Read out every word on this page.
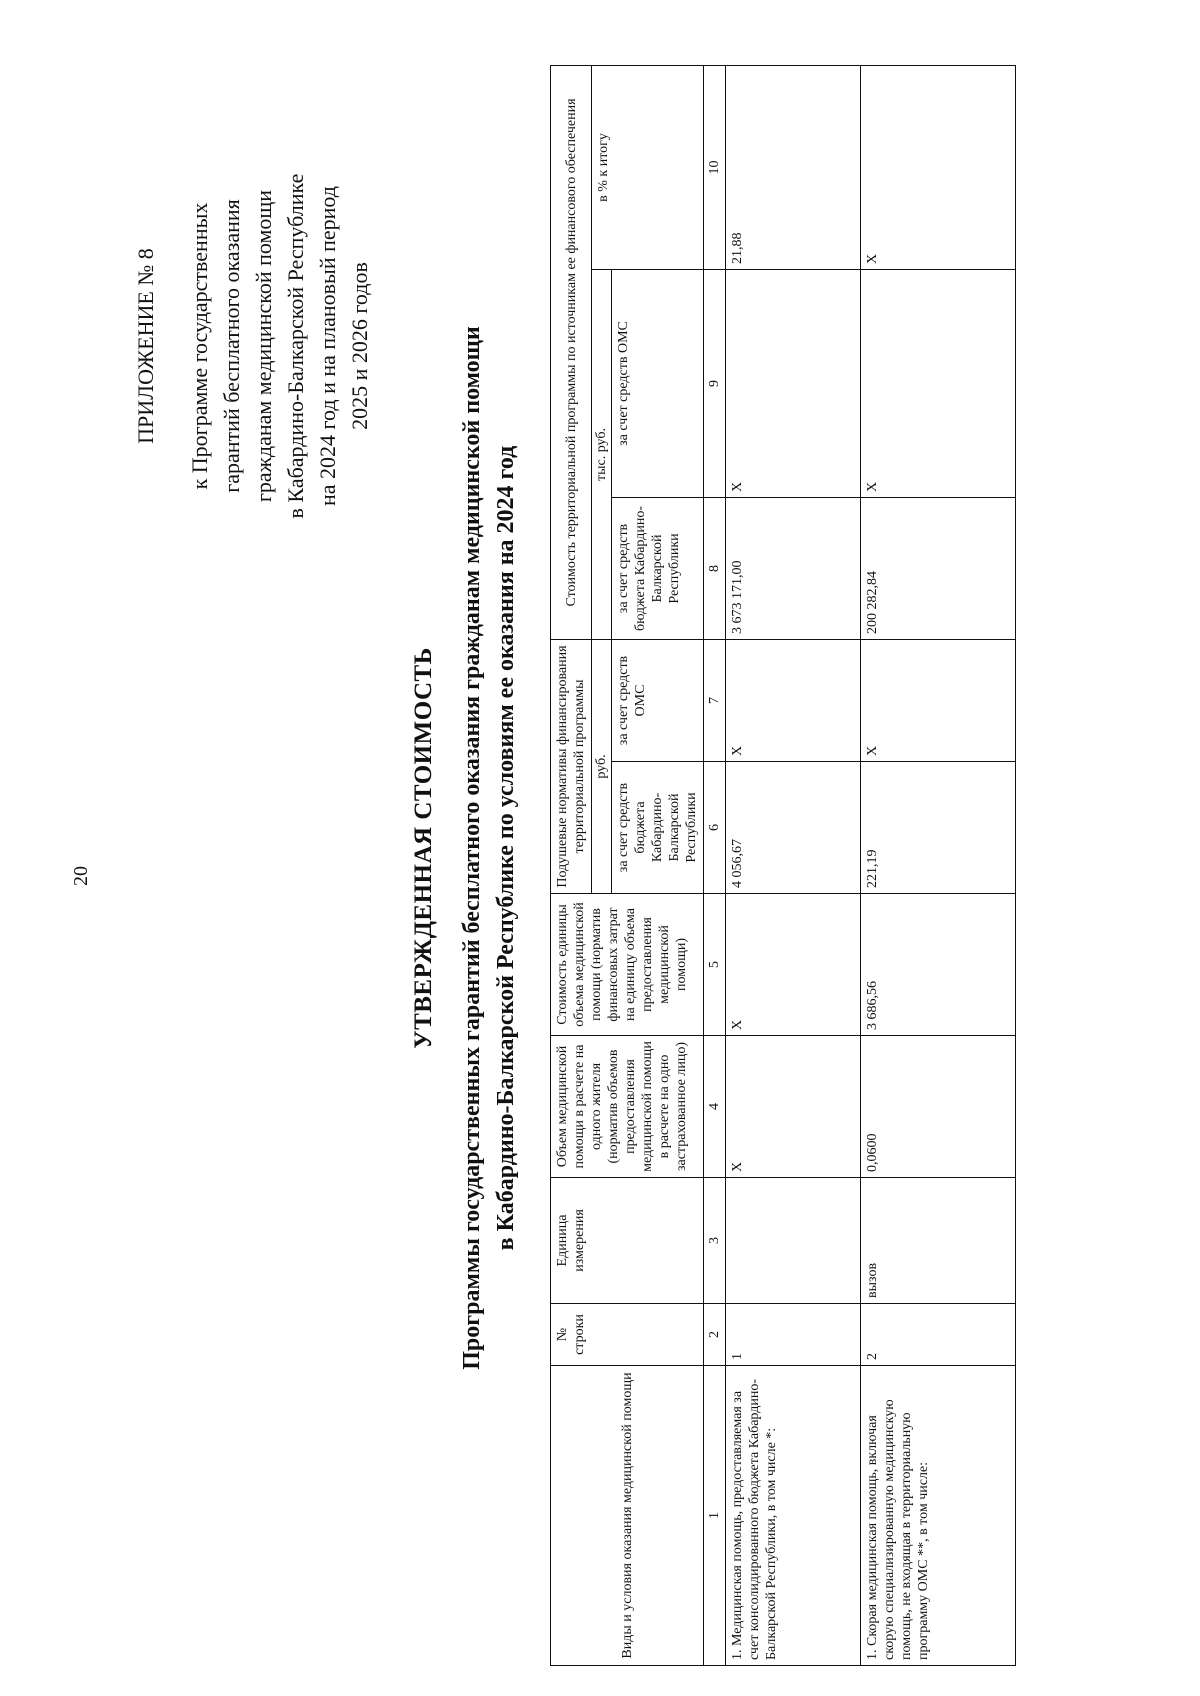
20
ПРИЛОЖЕНИЕ № 8 к Программе государственных гарантий бесплатного оказания гражданам медицинской помощи в Кабардино-Балкарской Республике на 2024 год и на плановый период 2025 и 2026 годов
УТВЕРЖДЕННАЯ СТОИМОСТЬ Программы государственных гарантий бесплатного оказания гражданам медицинской помощи в Кабардино-Балкарской Республике по условиям ее оказания на 2024 год
Виды и условия оказания медицинской помощи	№ строки	Единица измерения	Объем медицинской помощи в расчете на одного жителя (норматив объемов предоставления медицинской помощи в расчете на одно застрахованное лицо)	Стоимость единицы объема медицинской помощи (норматив финансовых затрат на единицу объема предоставления медицинской помощи)	Подушевые нормативы финансирования территориальной программы		Стоимость территориальной программы по источникам ее финансового обеспечения		
					руб.		тыс. руб.		в % к итогу
					за счет средств бюджета Кабардино-Балкарской Республики	за счет средств ОМС	за счет средств бюджета Кабардино-Балкарской Республики	за счет средств ОМС	
1	2	3	4	5	6	7	8	9	10
1. Медицинская помощь, предоставляемая за счет консолидированного бюджета Кабардино-Балкарской Республики, в том числе *:	1		X	X	4 056,67	X	3 673 171,00	X	21,88
1. Скорая медицинская помощь, включая скорую специализированную медицинскую помощь, не входящая в территориальную программу ОМС **, в том числе:	2	вызов	0,0600	3 686,56	221,19	X	200 282,84	X	X
